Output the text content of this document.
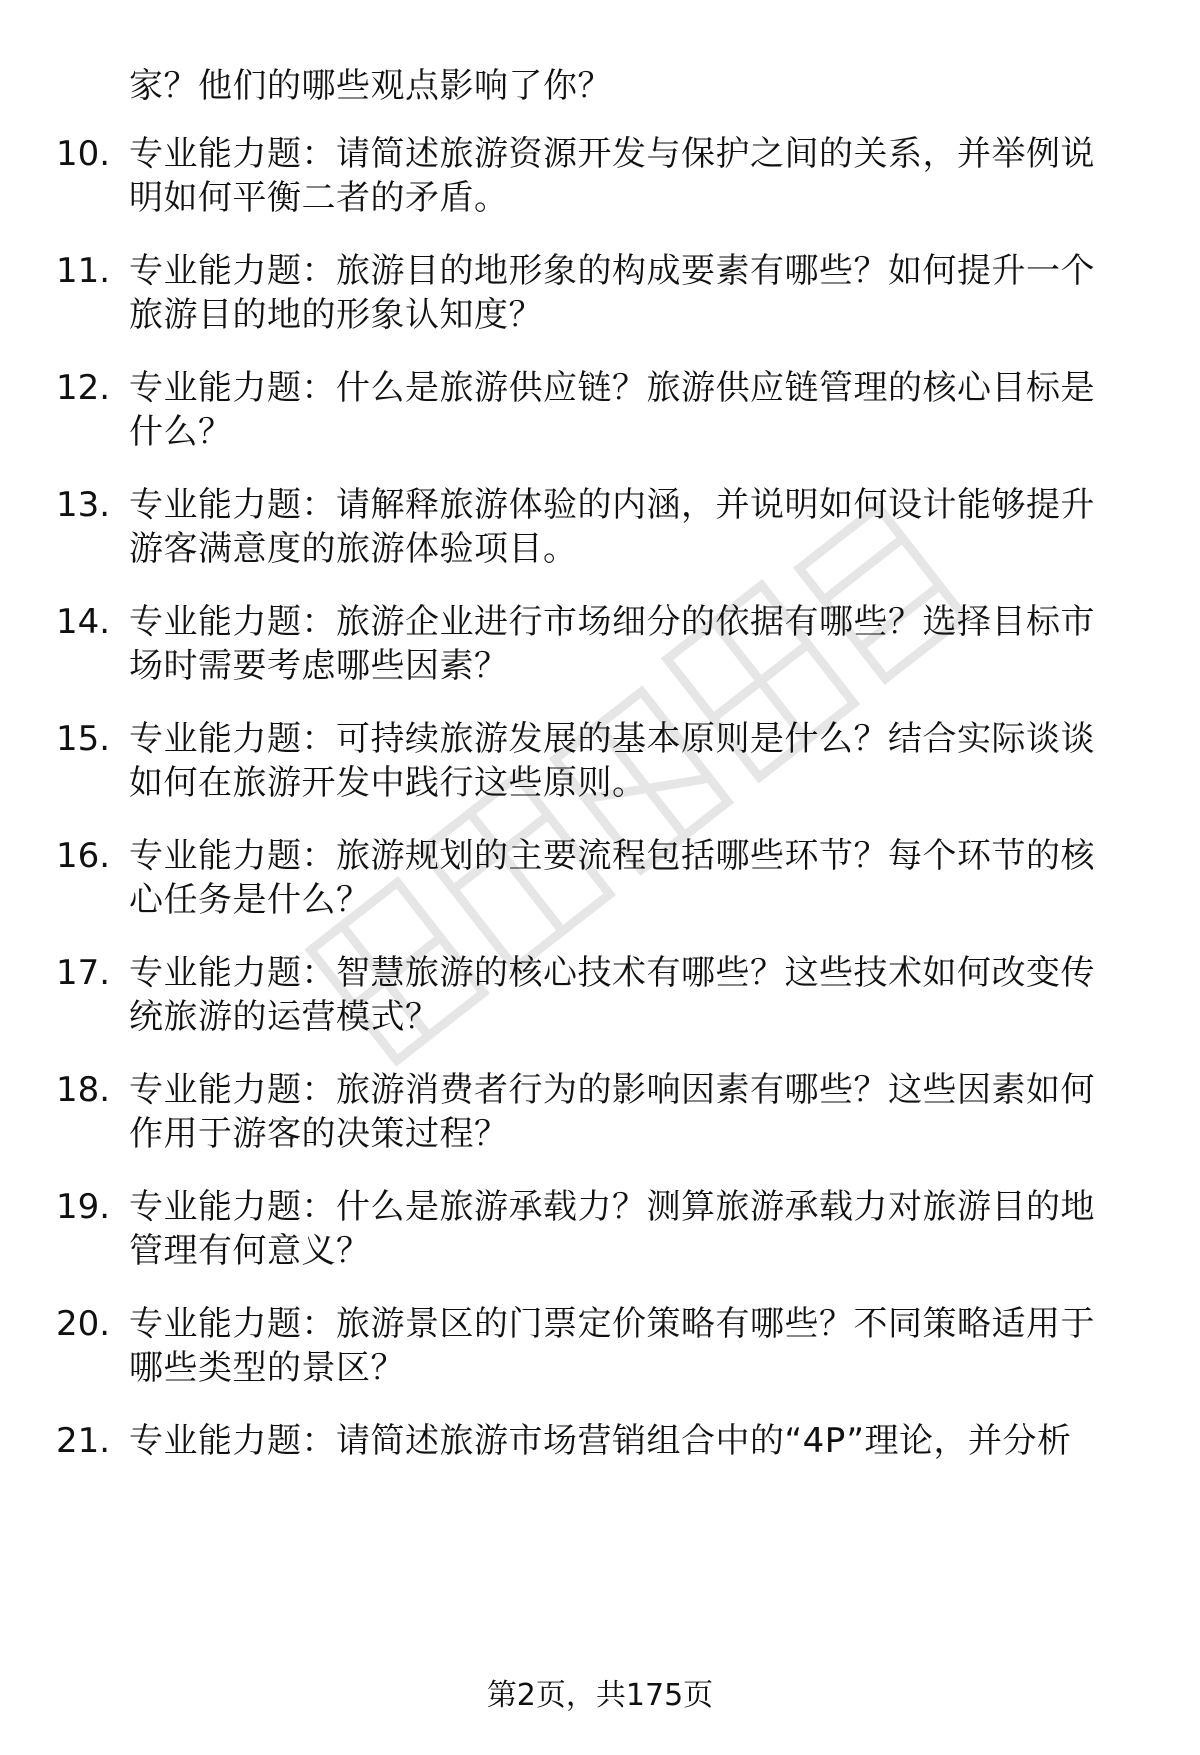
家？他们的哪些观点影响了你？
10. 专业能力题：请简述旅游资源开发与保护之间的关系，并举例说
明如何平衡二者的矛盾。
11. 专业能力题：旅游目的地形象的构成要素有哪些？如何提升一个
旅游目的地的形象认知度？
12. 专业能力题：什么是旅游供应链？旅游供应链管理的核心目标是
什么？
13. 专业能力题：请解释旅游体验的内涵，并说明如何设计能够提升
游客满意度的旅游体验项目。
14. 专业能力题：旅游企业进行市场细分的依据有哪些？选择目标市
场时需要考虑哪些因素？
15. 专业能力题：可持续旅游发展的基本原则是什么？结合实际谈谈
如何在旅游开发中践行这些原则。
16. 专业能力题：旅游规划的主要流程包括哪些环节？每个环节的核
心任务是什么？
17. 专业能力题：智慧旅游的核心技术有哪些？这些技术如何改变传
统旅游的运营模式？
18. 专业能力题：旅游消费者行为的影响因素有哪些？这些因素如何
作用于游客的决策过程？
19. 专业能力题：什么是旅游承载力？测算旅游承载力对旅游目的地
管理有何意义？
20. 专业能力题：旅游景区的门票定价策略有哪些？不同策略适用于
哪些类型的景区？
21. 专业能力题：请简述旅游市场营销组合中的“4P”理论，并分析
第2页，共175页
